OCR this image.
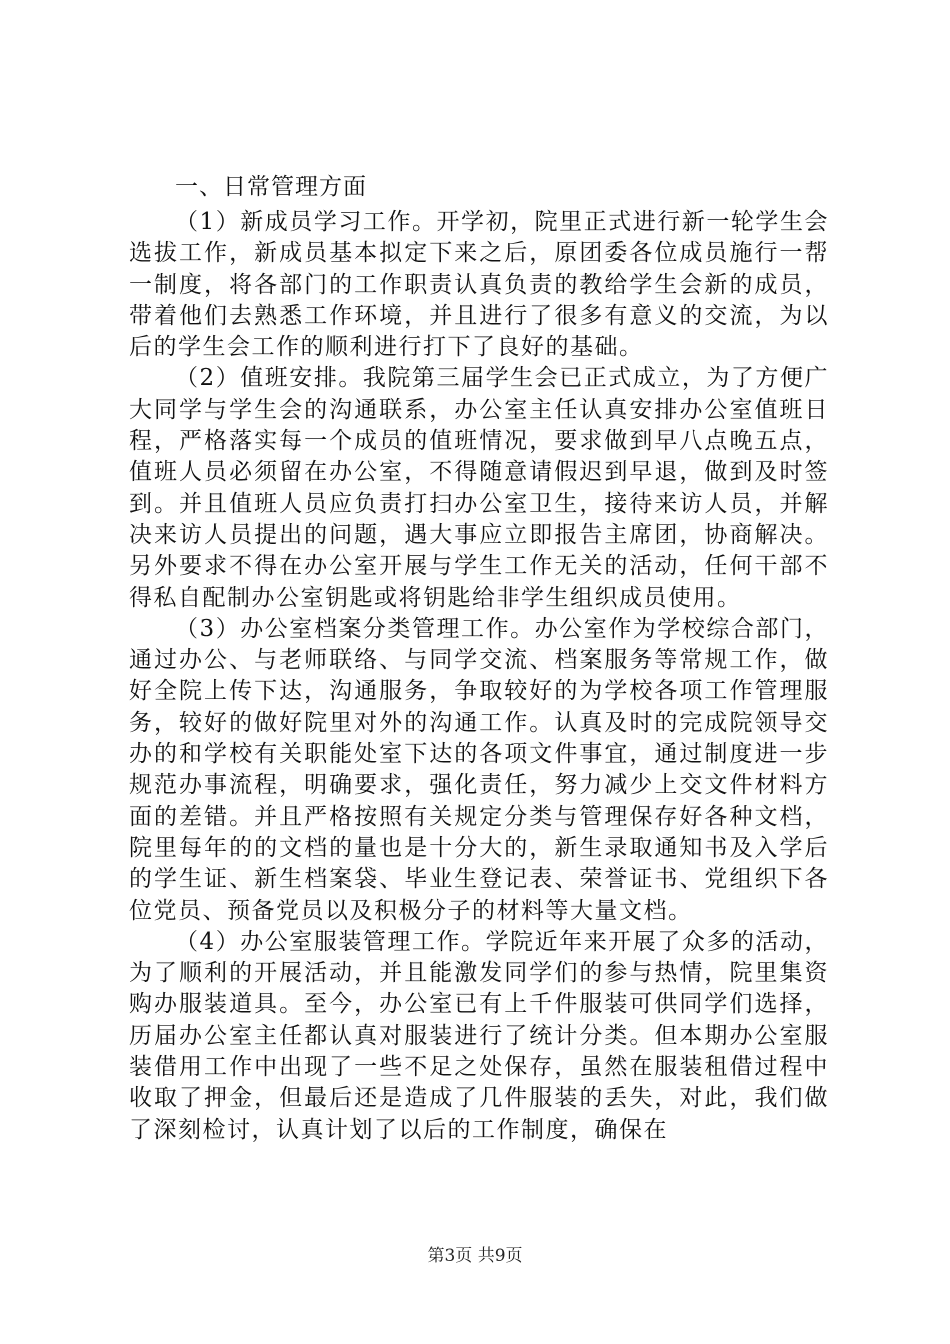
一、日常管理方面

（1）新成员学习工作。开学初，院里正式进行新一轮学生会选拔工作，新成员基本拟定下来之后，原团委各位成员施行一帮一制度，将各部门的工作职责认真负责的教给学生会新的成员，带着他们去熟悉工作环境，并且进行了很多有意义的交流，为以后的学生会工作的顺利进行打下了良好的基础。

（2）值班安排。我院第三届学生会已正式成立，为了方便广大同学与学生会的沟通联系，办公室主任认真安排办公室值班日程，严格落实每一个成员的值班情况，要求做到早八点晚五点，值班人员必须留在办公室，不得随意请假迟到早退，做到及时签到。并且值班人员应负责打扫办公室卫生，接待来访人员，并解决来访人员提出的问题，遇大事应立即报告主席团，协商解决。另外要求不得在办公室开展与学生工作无关的活动，任何干部不得私自配制办公室钥匙或将钥匙给非学生组织成员使用。

（3）办公室档案分类管理工作。办公室作为学校综合部门，通过办公、与老师联络、与同学交流、档案服务等常规工作，做好全院上传下达，沟通服务，争取较好的为学校各项工作管理服务，较好的做好院里对外的沟通工作。认真及时的完成院领导交办的和学校有关职能处室下达的各项文件事宜，通过制度进一步规范办事流程，明确要求，强化责任，努力减少上交文件材料方面的差错。并且严格按照有关规定分类与管理保存好各种文档，院里每年的的文档的量也是十分大的，新生录取通知书及入学后的学生证、新生档案袋、毕业生登记表、荣誉证书、党组织下各位党员、预备党员以及积极分子的材料等大量文档。

（4）办公室服装管理工作。学院近年来开展了众多的活动，为了顺利的开展活动，并且能激发同学们的参与热情，院里集资购办服装道具。至今，办公室已有上千件服装可供同学们选择，历届办公室主任都认真对服装进行了统计分类。但本期办公室服装借用工作中出现了一些不足之处保存，虽然在服装租借过程中收取了押金，但最后还是造成了几件服装的丢失，对此，我们做了深刻检讨，认真计划了以后的工作制度，确保在

第3页 共9页
